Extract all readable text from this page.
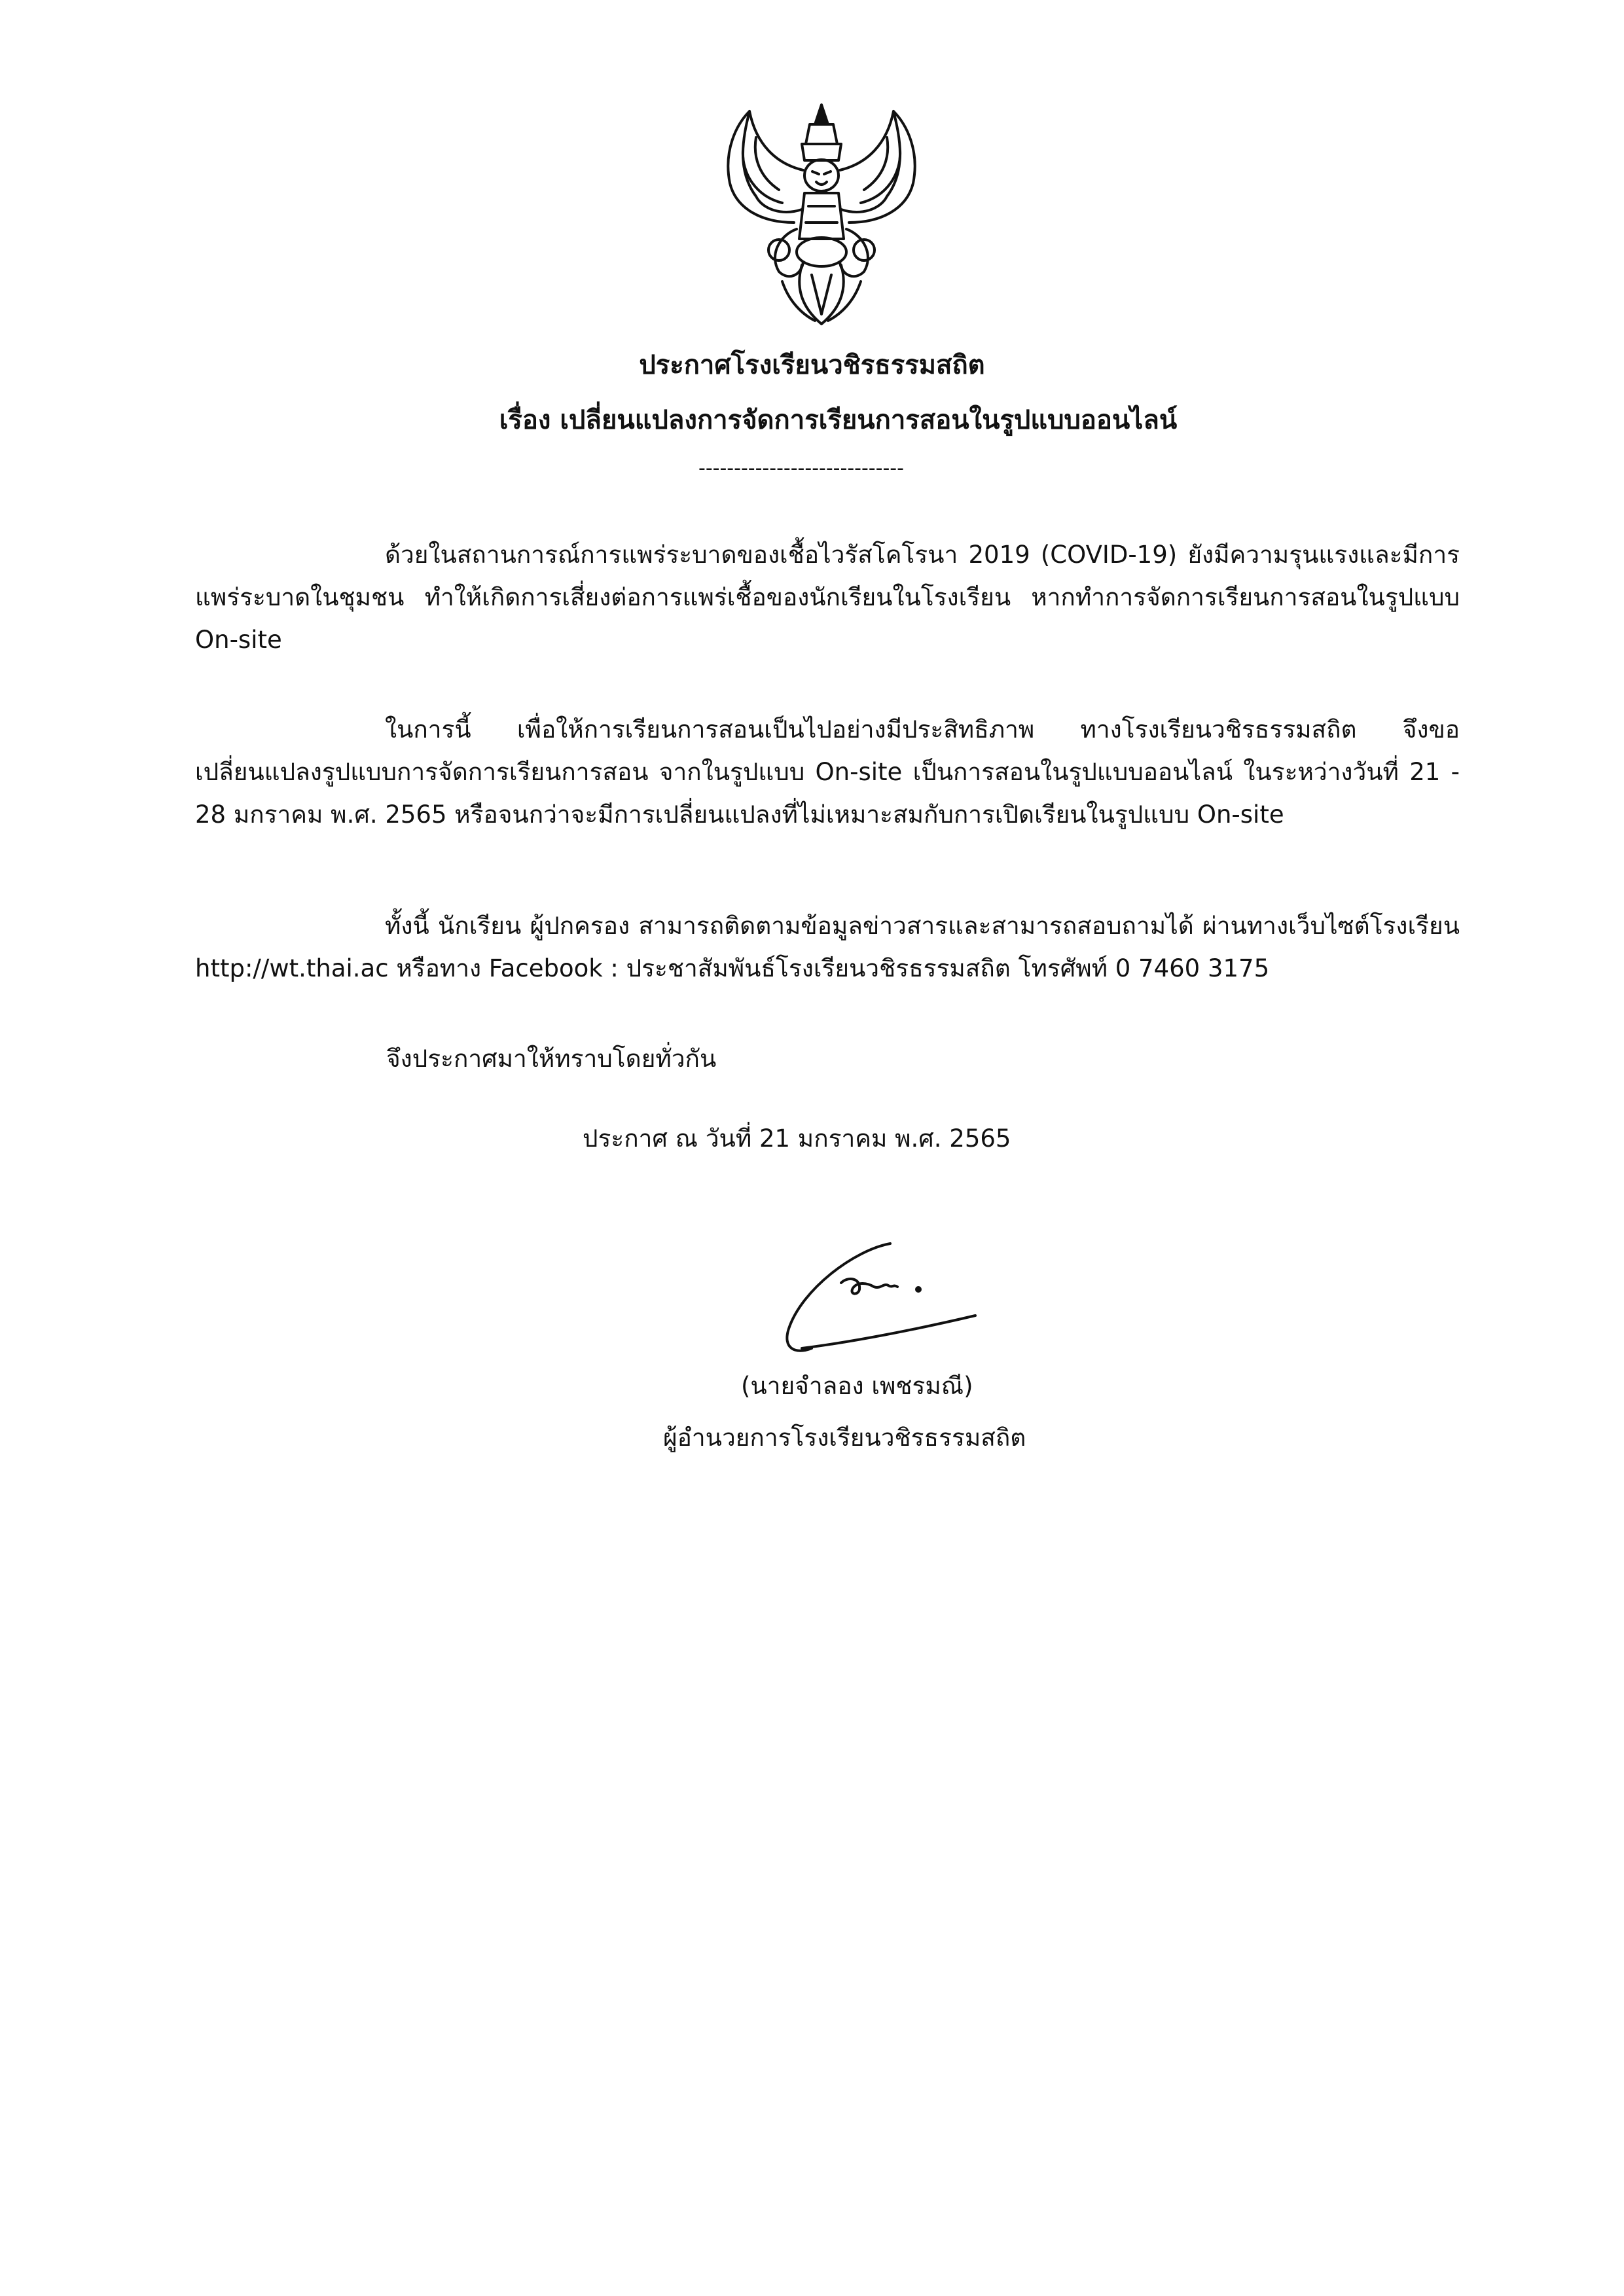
ประกาศโรงเรียนวชิรธรรมสถิต
เรื่อง เปลี่ยนแปลงการจัดการเรียนการสอนในรูปแบบออนไลน์
-----------------------------
ด้วยในสถานการณ์การแพร่ระบาดของเชื้อไวรัสโคโรนา 2019 (COVID-19) ยังมีความรุนแรงและมีการแพร่ระบาดในชุมชน ทำให้เกิดการเสี่ยงต่อการแพร่เชื้อของนักเรียนในโรงเรียน หากทำการจัดการเรียนการสอนในรูปแบบ On-site
ในการนี้ เพื่อให้การเรียนการสอนเป็นไปอย่างมีประสิทธิภาพ ทางโรงเรียนวชิรธรรมสถิต จึงขอเปลี่ยนแปลงรูปแบบการจัดการเรียนการสอน จากในรูปแบบ On-site เป็นการสอนในรูปแบบออนไลน์ ในระหว่างวันที่ 21 - 28 มกราคม พ.ศ. 2565 หรือจนกว่าจะมีการเปลี่ยนแปลงที่ไม่เหมาะสมกับการเปิดเรียนในรูปแบบ On-site
ทั้งนี้ นักเรียน ผู้ปกครอง สามารถติดตามข้อมูลข่าวสารและสามารถสอบถามได้ ผ่านทางเว็บไซต์โรงเรียน http://wt.thai.ac หรือทาง Facebook : ประชาสัมพันธ์โรงเรียนวชิรธรรมสถิต โทรศัพท์ 0 7460 3175
จึงประกาศมาให้ทราบโดยทั่วกัน
ประกาศ ณ วันที่ 21 มกราคม พ.ศ. 2565
(นายจำลอง เพชรมณี)
ผู้อำนวยการโรงเรียนวชิรธรรมสถิต
